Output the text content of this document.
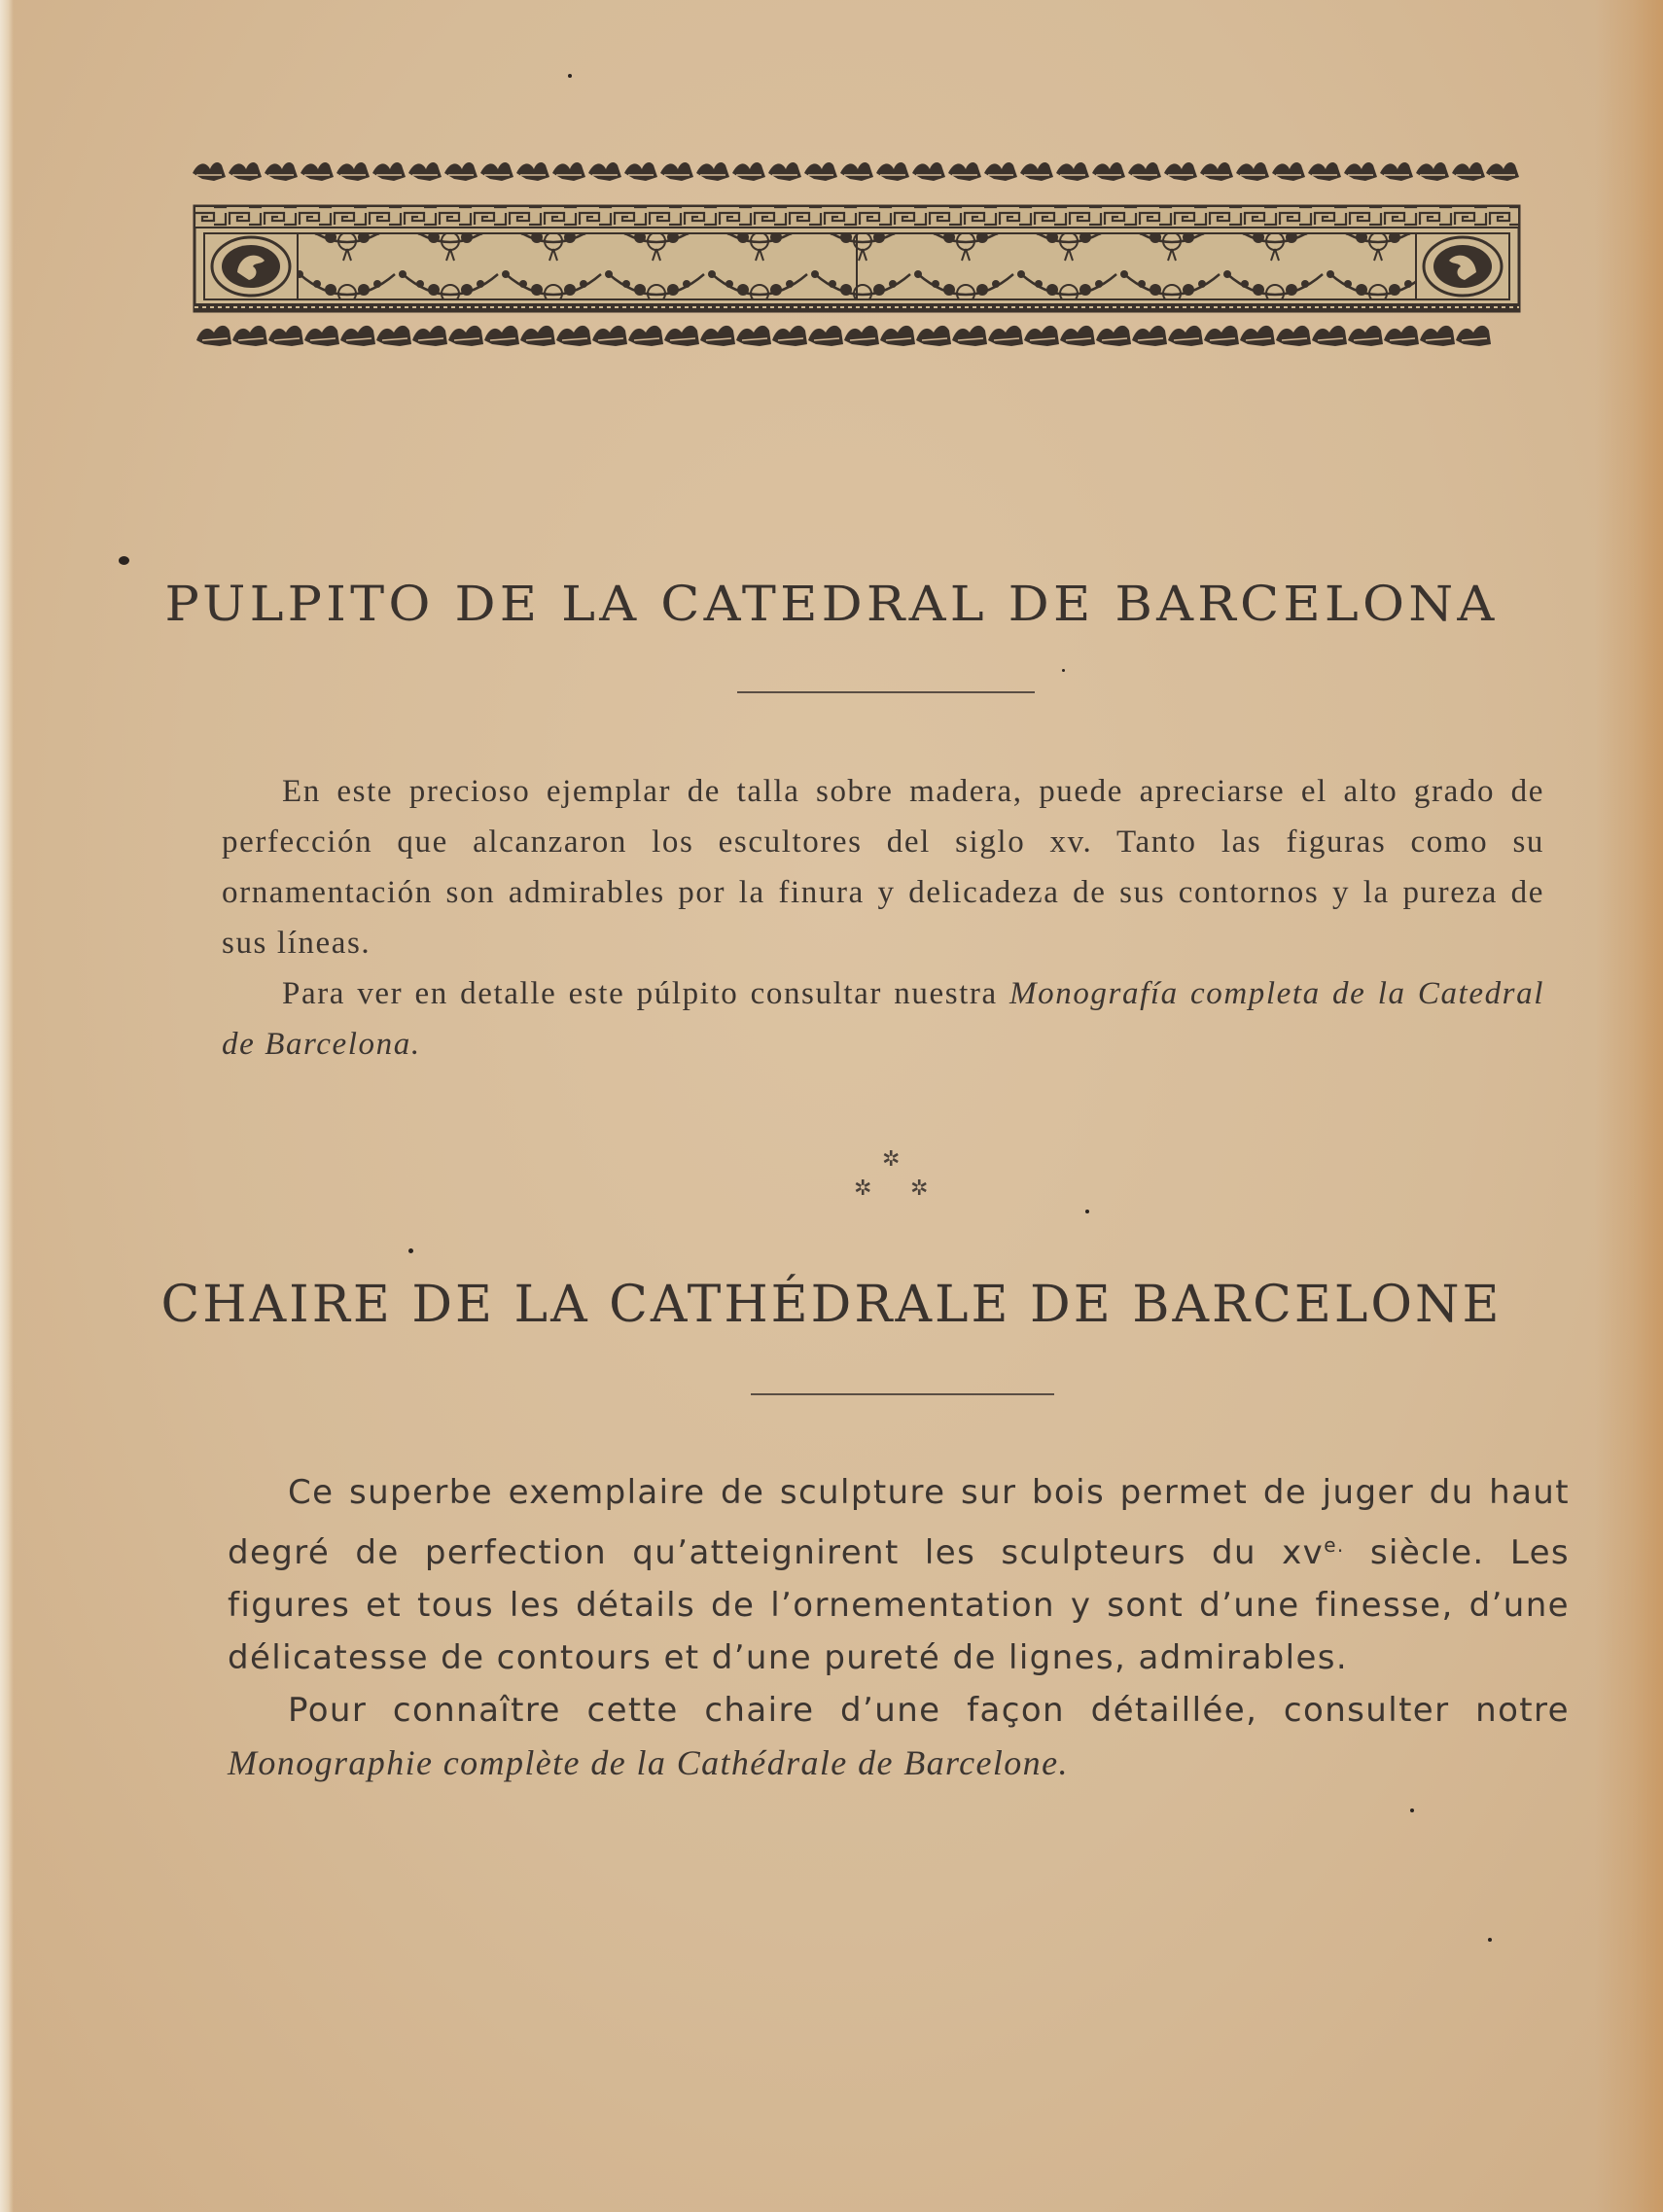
PULPITO DE LA CATEDRAL DE BARCELONA

En este precioso ejemplar de talla sobre madera, puede apreciarse el alto grado de perfección que alcanzaron los escultores del siglo xv. Tanto las figuras como su ornamentación son admirables por la finura y delicadeza de sus contornos y la pureza de sus líneas.

Para ver en detalle este púlpito consultar nuestra Monografía completa de la Catedral de Barcelona.

✲
✲ ✲
CHAIRE DE LA CATHÉDRALE DE BARCELONE

Ce superbe exemplaire de sculpture sur bois permet de juger du haut degré de perfection qu’atteignirent les sculpteurs du $xv^{e.}$ siècle. Les figures et tous les détails de l’ornementation y sont d’une finesse, d’une délicatesse de contours et d’une pureté de lignes, admirables.

Pour connaître cette chaire d’une façon détaillée, consulter notre Monographie complète de la Cathédrale de Barcelone.
